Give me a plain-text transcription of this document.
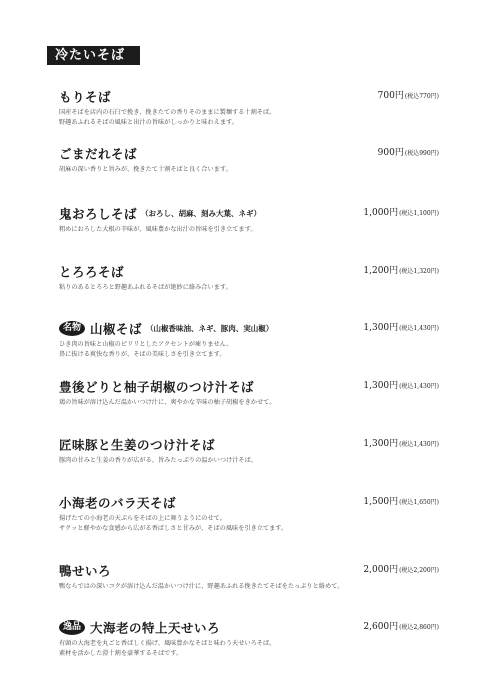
冷たいそば
もりそば	700円(税込770円)
国産そばを店内の石臼で挽き、挽きたての香りそのままに製麺する十割そば。
野趣あふれるそばの風味と出汁の旨味がしっかりと味わえます。
ごまだれそば	900円(税込990円)
胡麻の深い香りと旨みが、挽きたて十割そばと良く合います。
鬼おろしそば （おろし、胡麻、刻み大葉、ネギ）	1,000円(税込1,100円)
粗めにおろした大根の辛味が、風味豊かな出汁の旨味を引き立てます。
とろろそば	1,200円(税込1,320円)
粘りのあるとろろと野趣あふれるそばが絶妙に絡み合います。
名物 山椒そば （山椒香味油、ネギ、豚肉、実山椒）	1,300円(税込1,430円)
ひき肉の旨味と山椒のピリリとしたアクセントが痺りません。
鼻に抜ける爽快な香りが、そばの美味しさを引き立てます。
豊後どりと柚子胡椒のつけ汁そば	1,300円(税込1,430円)
鶏の旨味が溶け込んだ温かいつけ汁に、爽やかな辛味の柚子胡椒をきかせて。
匠味豚と生姜のつけ汁そば	1,300円(税込1,430円)
豚肉の甘みと生姜の香りが広がる、旨みたっぷりの温かいつけ汁そば。
小海老のバラ天そば	1,500円(税込1,650円)
揚げたての小海老の天ぷらをそばの上に舞うようにのせて。
サクッと軽やかな食感から広がる香ばしさと甘みが、そばの風味を引き立てます。
鴨せいろ	2,000円(税込2,200円)
鴨ならではの深いコクが溶け込んだ温かいつけ汁に、野趣あふれる挽きたてそばをたっぷりと絡めて。
逸品 大海老の特上天せいろ	2,600円(税込2,860円)
有頭の大海老を丸ごと香ばしく揚げ、風味豊かなそばと味わう天せいろそば。
素材を活かした澄十割を豪華するそばです。
